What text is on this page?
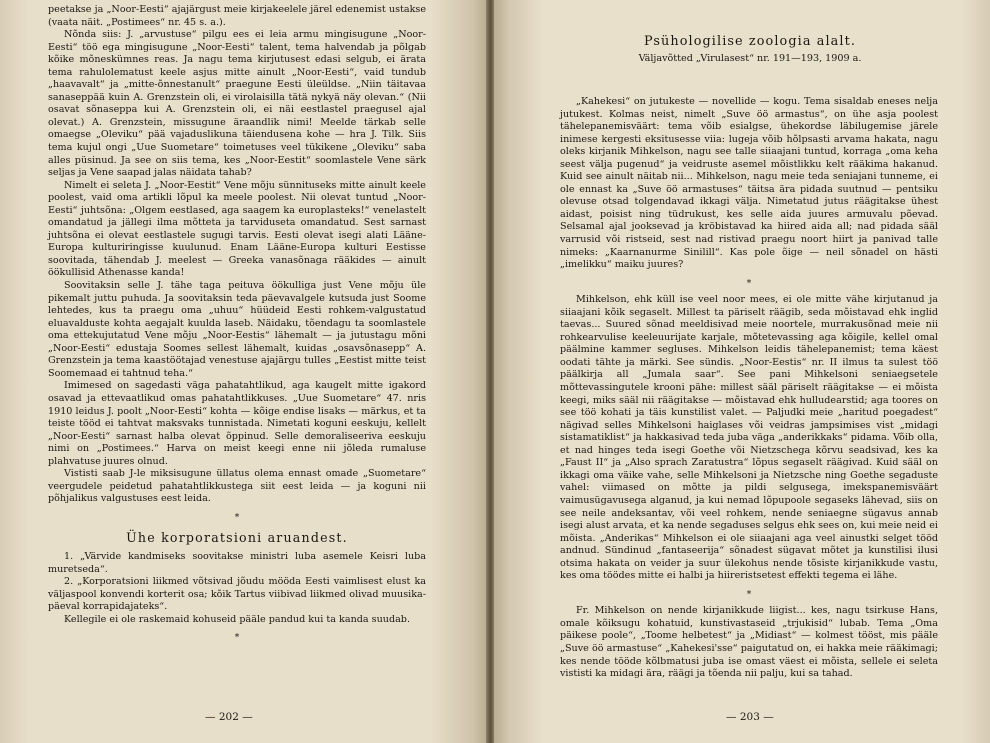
peetakse ja „Noor-Eesti“ ajajärgust meie kirjakeelele järel edenemist ustakse (vaata näit. „Postimees“ nr. 45 s. a.).

Nõnda siis: J. „arvustuse“ pilgu ees ei leia armu mingisugune „Noor-Eesti“ töö ega mingisugune „Noor-Eesti“ talent, tema halvendab ja põlgab kõike mõneskümnes reas. Ja nagu tema kirjutusest edasi selgub, ei ärata tema rahulolematust keele asjus mitte ainult „Noor-Eesti“, vaid tundub „haavavalt“ ja „mitte-õnnestanult“ praegune Eesti üleüldse. „Niin täitavaa sanaseppää kuin A. Grenzstein oli, ei virolaisilla tätä nykyä näy olevan.“ (Nii osavat sõnaseppa kui A. Grenzstein oli, ei näi eestlastel praegusel ajal olevat.) A. Grenzstein, missugune äraandlik nimi! Meelde tärkab selle omaegse „Oleviku“ pää vajaduslikuna täiendusena kohe — hra J. Tilk. Siis tema kujul ongi „Uue Suometare“ toimetuses veel tükikene „Oleviku“ saba alles püsinud. Ja see on siis tema, kes „Noor-Eestit“ soomlastele Vene särk seljas ja Vene saapad jalas näidata tahab?

Nimelt ei seleta J. „Noor-Eestit“ Vene mõju sünnituseks mitte ainult keele poolest, vaid oma artikli lõpul ka meele poolest. Nii olevat tuntud „Noor-Eesti“ juhtsõna: „Olgem eestlased, aga saagem ka europlasteks!“ venelastelt omandatud ja jällegi ilma mõtteta ja tarviduseta omandatud. Sest sarnast juhtsõna ei olevat eestlastele sugugi tarvis. Eesti olevat isegi alati Lääne-Europa kulturiringisse kuulunud. Enam Lääne-Europa kulturi Eestisse soovitada, tähendab J. meelest — Greeka vanasõnaga rääkides — ainult öökullisid Athenasse kanda!

Soovitaksin selle J. tähe taga peituva öökulliga just Vene mõju üle pikemalt juttu puhuda. Ja soovitaksin teda päevavalgele kutsuda just Soome lehtedes, kus ta praegu oma „uhuu“ hüüdeid Eesti rohkem-valgustatud eluavalduste kohta aegajalt kuulda laseb. Näidaku, tõendagu ta soomlastele oma ettekujutatud Vene mõju „Noor-Eestis“ lähemalt — ja jutustagu mõni „Noor-Eesti“ edustaja Soomes sellest lähemalt, kuidas „osavsõnasepp“ A. Grenzstein ja tema kaastöötajad venestuse ajajärgu tulles „Eestist mitte teist Soomemaad ei tahtnud teha.“

Imimesed on sagedasti väga pahatahtlikud, aga kaugelt mitte igakord osavad ja ettevaatlikud omas pahatahtlikkuses. „Uue Suometare“ 47. nris 1910 leidus J. poolt „Noor-Eesti“ kohta — kõige endise lisaks — märkus, et ta teiste tööd ei tahtvat maksvaks tunnistada. Nimetati koguni eeskuju, kellelt „Noor-Eesti“ sarnast halba olevat õppinud. Selle demoraliseeriva eeskuju nimi on „Postimees.“ Harva on meist keegi enne nii jõleda rumaluse plahvatuse juures olnud.

Vististi saab J-le miksisugune üllatus olema ennast omade „Suometare“ veergudele peidetud pahatahtlikkustega siit eest leida — ja koguni nii põhjalikus valgustuses eest leida.

*
Ühe korporatsioni aruandest.

1. „Värvide kandmiseks soovitakse ministri luba asemele Keisri luba muretseda“.

2. „Korporatsioni liikmed võtsivad jõudu mööda Eesti vaimlisest elust ka väljaspool konvendi korterit osa; kõik Tartus viibivad liikmed olivad muusika-päeval korrapidajateks“.

Kellegile ei ole raskemaid kohuseid pääle pandud kui ta kanda suudab.

*
— 202 —
Psühologilise zoologia alalt.
Väljavõtted „Virulasest“ nr. 191—193, 1909 a.

„Kahekesi“ on jutukeste — novellide — kogu. Tema sisaldab eneses nelja jutukest. Kolmas neist, nimelt „Suve öö armastus“, on ühe asja poolest tähelepanemisväärt: tema võib esialgse, ühekordse läbilugemise järele inimese kergesti eksitusesse viia: lugeja võib hõlpsasti arvama hakata, nagu oleks kirjanik Mihkelson, nagu see talle siiaajani tuntud, korraga „oma keha seest välja pugenud“ ja veidruste asemel mõistlikku kelt rääkima hakanud. Kuid see ainult näitab nii... Mihkelson, nagu meie teda seniajani tunneme, ei ole ennast ka „Suve öö armastuses“ täitsa ära pidada suutnud — pentsiku olevuse otsad tolgendavad ikkagi välja. Nimetatud jutus räägitakse ühest aidast, poisist ning tüdrukust, kes selle aida juures armuvalu põevad. Selsamal ajal jooksevad ja kröbistavad ka hiired aida all; nad pidada sääl varrusid või ristseid, sest nad ristivad praegu noort hiirt ja panivad talle nimeks: „Kaarnanurme Sinilill“. Kas pole õige — neil sõnadel on hästi „imelikku“ maiku juures?

*

Mihkelson, ehk küll ise veel noor mees, ei ole mitte vähe kirjutanud ja siiaajani kõik segaselt. Millest ta päriselt räägib, seda mõistavad ehk inglid taevas... Suured sõnad meeldisivad meie noortele, murrakusõnad meie nii rohkearvulise keeleuurijate karjale, mõtetevassing aga kõigile, kellel omal päälmine kammer segluses. Mihkelson leidis tähelepanemist; tema käest oodati tähte ja märki. See sündis. „Noor-Eestis“ nr. II ilmus ta sulest töö päälkirja all „Jumala saar“. See pani Mihkelsoni seniaegsetele mõttevassingutele krooni pähe: millest sääl päriselt räägitakse — ei mõista keegi, miks sääl nii räägitakse — mõistavad ehk hulludearstid; aga toores on see töö kohati ja täis kunstilist valet. — Paljudki meie „haritud poegadest“ nägivad selles Mihkelsoni haiglases või veidras jampsimises vist „midagi sistamatiklist“ ja hakkasivad teda juba väga „anderikkaks“ pidama. Võib olla, et nad hinges teda isegi Goethe või Nietzschega kõrvu seadsivad, kes ka „Faust II“ ja „Also sprach Zaratustra“ lõpus segaselt räägivad. Kuid sääl on ikkagi oma väike vahe, selle Mihkelsoni ja Nietzsche ning Goethe segaduste vahel: viimased on mõtte ja pildi selgusega, imekspanemisväärt vaimusügavusega alganud, ja kui nemad lõpupoole segaseks lähevad, siis on see neile andeksantav, või veel rohkem, nende seniaegne sügavus annab isegi alust arvata, et ka nende segaduses selgus ehk sees on, kui meie neid ei mõista. „Anderikas“ Mihkelson ei ole siiaajani aga veel ainustki selget tööd andnud. Sündinud „fantaseerija“ sõnadest sügavat mõtet ja kunstilisi ilusi otsima hakata on veider ja suur ülekohus nende tõsiste kirjanikkude vastu, kes oma töödes mitte ei halbi ja hiireristsetest effekti tegema ei lähe.

*

Fr. Mihkelson on nende kirjanikkude liigist... kes, nagu tsirkuse Hans, omale kõiksugu kohatuid, kunstivastaseid „trjukisid“ lubab. Tema „Oma päikese poole“, „Toome helbetest“ ja „Midiast“ — kolmest tööst, mis pääle „Suve öö armastuse“ „Kahekesi'sse“ paigutatud on, ei hakka meie rääkimagi; kes nende tööde kõlbmatusi juba ise omast väest ei mõista, sellele ei seleta vististi ka midagi ära, räägi ja tõenda nii palju, kui sa tahad.

— 203 —
